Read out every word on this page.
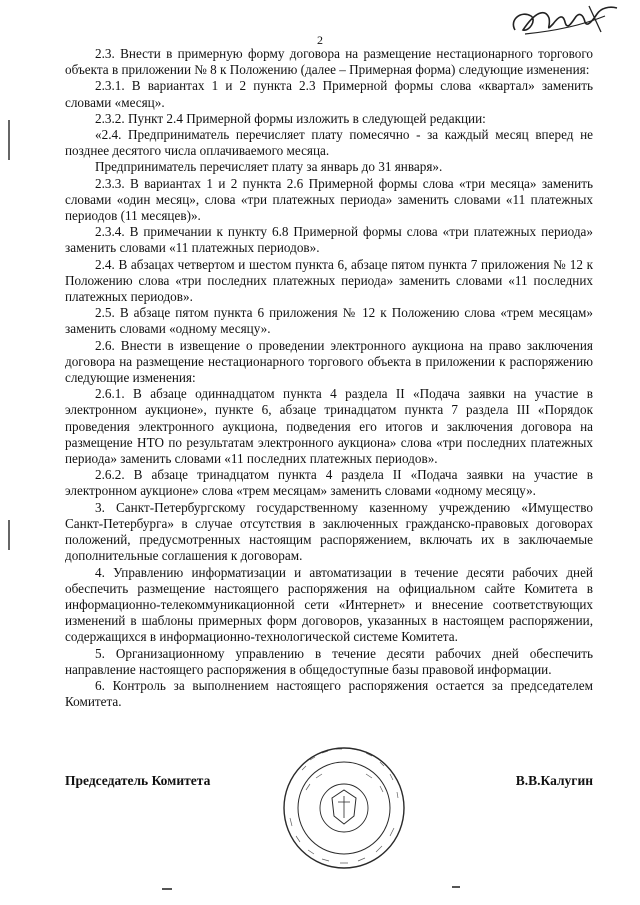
2

2.3. Внести в примерную форму договора на размещение нестационарного торгового объекта в приложении № 8 к Положению (далее – Примерная форма) следующие изменения:

2.3.1. В вариантах 1 и 2 пункта 2.3 Примерной формы слова «квартал» заменить словами «месяц».

2.3.2. Пункт 2.4 Примерной формы изложить в следующей редакции:

«2.4. Предприниматель перечисляет плату помесячно - за каждый месяц вперед не позднее десятого числа оплачиваемого месяца.

Предприниматель перечисляет плату за январь до 31 января».

2.3.3. В вариантах 1 и 2 пункта 2.6 Примерной формы слова «три месяца» заменить словами «один месяц», слова «три платежных периода» заменить словами «11 платежных периодов (11 месяцев)».

2.3.4. В примечании к пункту 6.8 Примерной формы слова «три платежных периода» заменить словами «11 платежных периодов».

2.4. В абзацах четвертом и шестом пункта 6, абзаце пятом пункта 7 приложения № 12 к Положению слова «три последних платежных периода» заменить словами «11 последних платежных периодов».

2.5. В абзаце пятом пункта 6 приложения № 12 к Положению слова «трем месяцам» заменить словами «одному месяцу».

2.6. Внести в извещение о проведении электронного аукциона на право заключения договора на размещение нестационарного торгового объекта в приложении к распоряжению следующие изменения:

2.6.1. В абзаце одиннадцатом пункта 4 раздела II «Подача заявки на участие в электронном аукционе», пункте 6, абзаце тринадцатом пункта 7 раздела III «Порядок проведения электронного аукциона, подведения его итогов и заключения договора на размещение НТО по результатам электронного аукциона» слова «три последних платежных периода» заменить словами «11 последних платежных периодов».

2.6.2. В абзаце тринадцатом пункта 4 раздела II «Подача заявки на участие в электронном аукционе» слова «трем месяцам» заменить словами «одному месяцу».

3. Санкт-Петербургскому государственному казенному учреждению «Имущество Санкт-Петербурга» в случае отсутствия в заключенных гражданско-правовых договорах положений, предусмотренных настоящим распоряжением, включать их в заключаемые дополнительные соглашения к договорам.

4. Управлению информатизации и автоматизации в течение десяти рабочих дней обеспечить размещение настоящего распоряжения на официальном сайте Комитета в информационно-телекоммуникационной сети «Интернет» и внесение соответствующих изменений в шаблоны примерных форм договоров, указанных в настоящем распоряжении, содержащихся в информационно-технологической системе Комитета.

5. Организационному управлению в течение десяти рабочих дней обеспечить направление настоящего распоряжения в общедоступные базы правовой информации.

6. Контроль за выполнением настоящего распоряжения остается за председателем Комитета.

Председатель Комитета	В.В.Калугин
